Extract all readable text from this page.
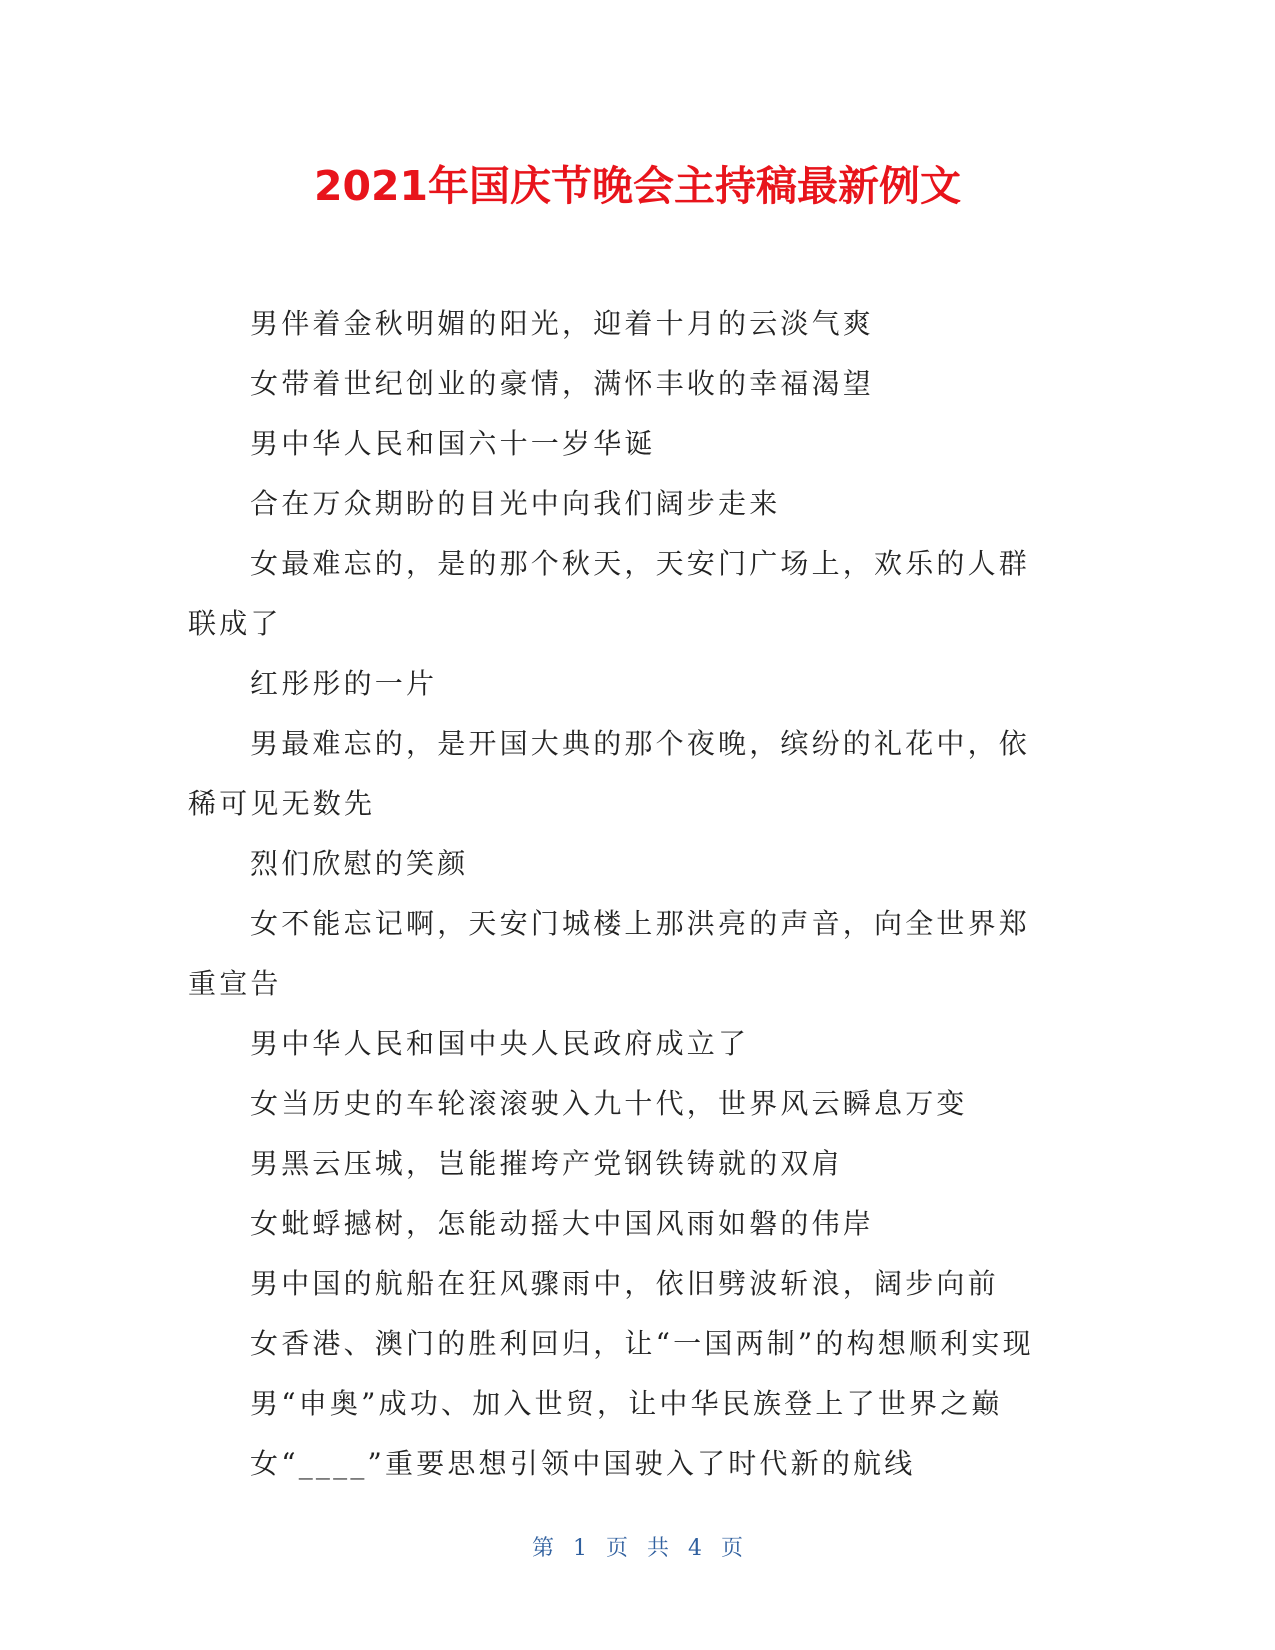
2021年国庆节晚会主持稿最新例文

男伴着金秋明媚的阳光，迎着十月的云淡气爽

女带着世纪创业的豪情，满怀丰收的幸福渴望

男中华人民和国六十一岁华诞

合在万众期盼的目光中向我们阔步走来

女最难忘的，是的那个秋天，天安门广场上，欢乐的人群联成了

红彤彤的一片

男最难忘的，是开国大典的那个夜晚，缤纷的礼花中，依稀可见无数先

烈们欣慰的笑颜

女不能忘记啊，天安门城楼上那洪亮的声音，向全世界郑重宣告

男中华人民和国中央人民政府成立了

女当历史的车轮滚滚驶入九十代，世界风云瞬息万变

男黑云压城，岂能摧垮产党钢铁铸就的双肩

女蚍蜉撼树，怎能动摇大中国风雨如磐的伟岸

男中国的航船在狂风骤雨中，依旧劈波斩浪，阔步向前

女香港、澳门的胜利回归，让“一国两制”的构想顺利实现

男“申奥”成功、加入世贸，让中华民族登上了世界之巅

女“____”重要思想引领中国驶入了时代新的航线

第 1 页 共 4 页
